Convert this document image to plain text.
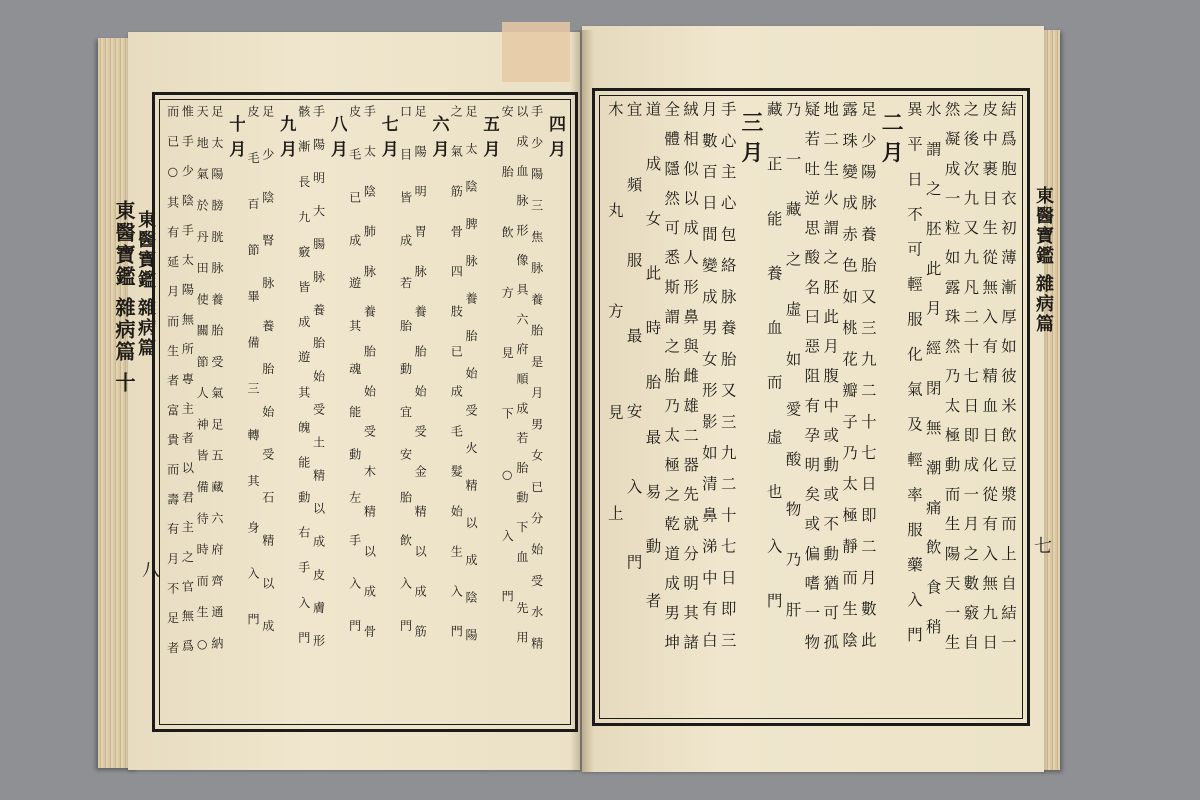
東醫寶鑑 雜病篇 十 東醫寶鑑 雜病篇
八
東醫寶鑑 雜病篇
七
四月
手少陽三焦脉養胎是月男女已分始受水精
以成血脉形像具六府順成若胎動下血 先用
安胎飲方見下○入門
五月
足太陰脾脉養胎始受火精以成陰陽
之氣筋骨四肢已成毛髮始生入門
六月
足陽明胃脉養胎始受金精以成筋
口目皆成若胎動宜安胎飲入門
七月
手太陰肺脉養胎始受木精以成骨
皮毛已成遊其魂能動左手入門
八月
手陽明大腸脉養胎始受土精以成皮膚形
骸漸長九竅皆成遊其魄能動右手入門
九月
足少陰腎脉養胎始受石精以成
皮毛百節畢備三轉其身入門
十月
足太陽膀胱脉養胎受氣足五藏六府齊通納
天地氣於丹田使關節人神皆備待時而生○
惟手少陰手太陽無所專主者以君主之官無爲
而已○其有延月而生者富貴而壽有月不足者	結爲胞衣初薄漸厚如彼米飲豆漿而上自結一
皮中裹日生從無入有精血日化從有入無九日
之後次九又九凡二十七日即成一月之數竅自
然凝成一粒如露珠然乃太極動而生陽天一生
水謂之胚此月經閉無潮痛飲食稍
異平日不可輕服化氣及輕率服藥入門
二月
足少陽脉養胎又三九二十七日即二月數此
露珠變成赤色如桃花瓣子乃太極靜而生陰
地二生火謂之胚此月腹中或動或不動猶可孤
疑若吐逆思酸名曰惡阻有孕明矣或偏嗜一物
乃一藏之虛如愛酸物乃肝
藏正能養血而虛也入門
三月
手心主心包絡脉養胎又三九二十七日即三
月數百日間變成男女形影如清鼻涕中有白
絨相似以成人形鼻與雌雄二器先就分明其諸
全體隱然可悉斯謂之胎乃太極之乾道成男坤
道成女此時胎最易動者
宜頻服最安入門
木丸方見上
